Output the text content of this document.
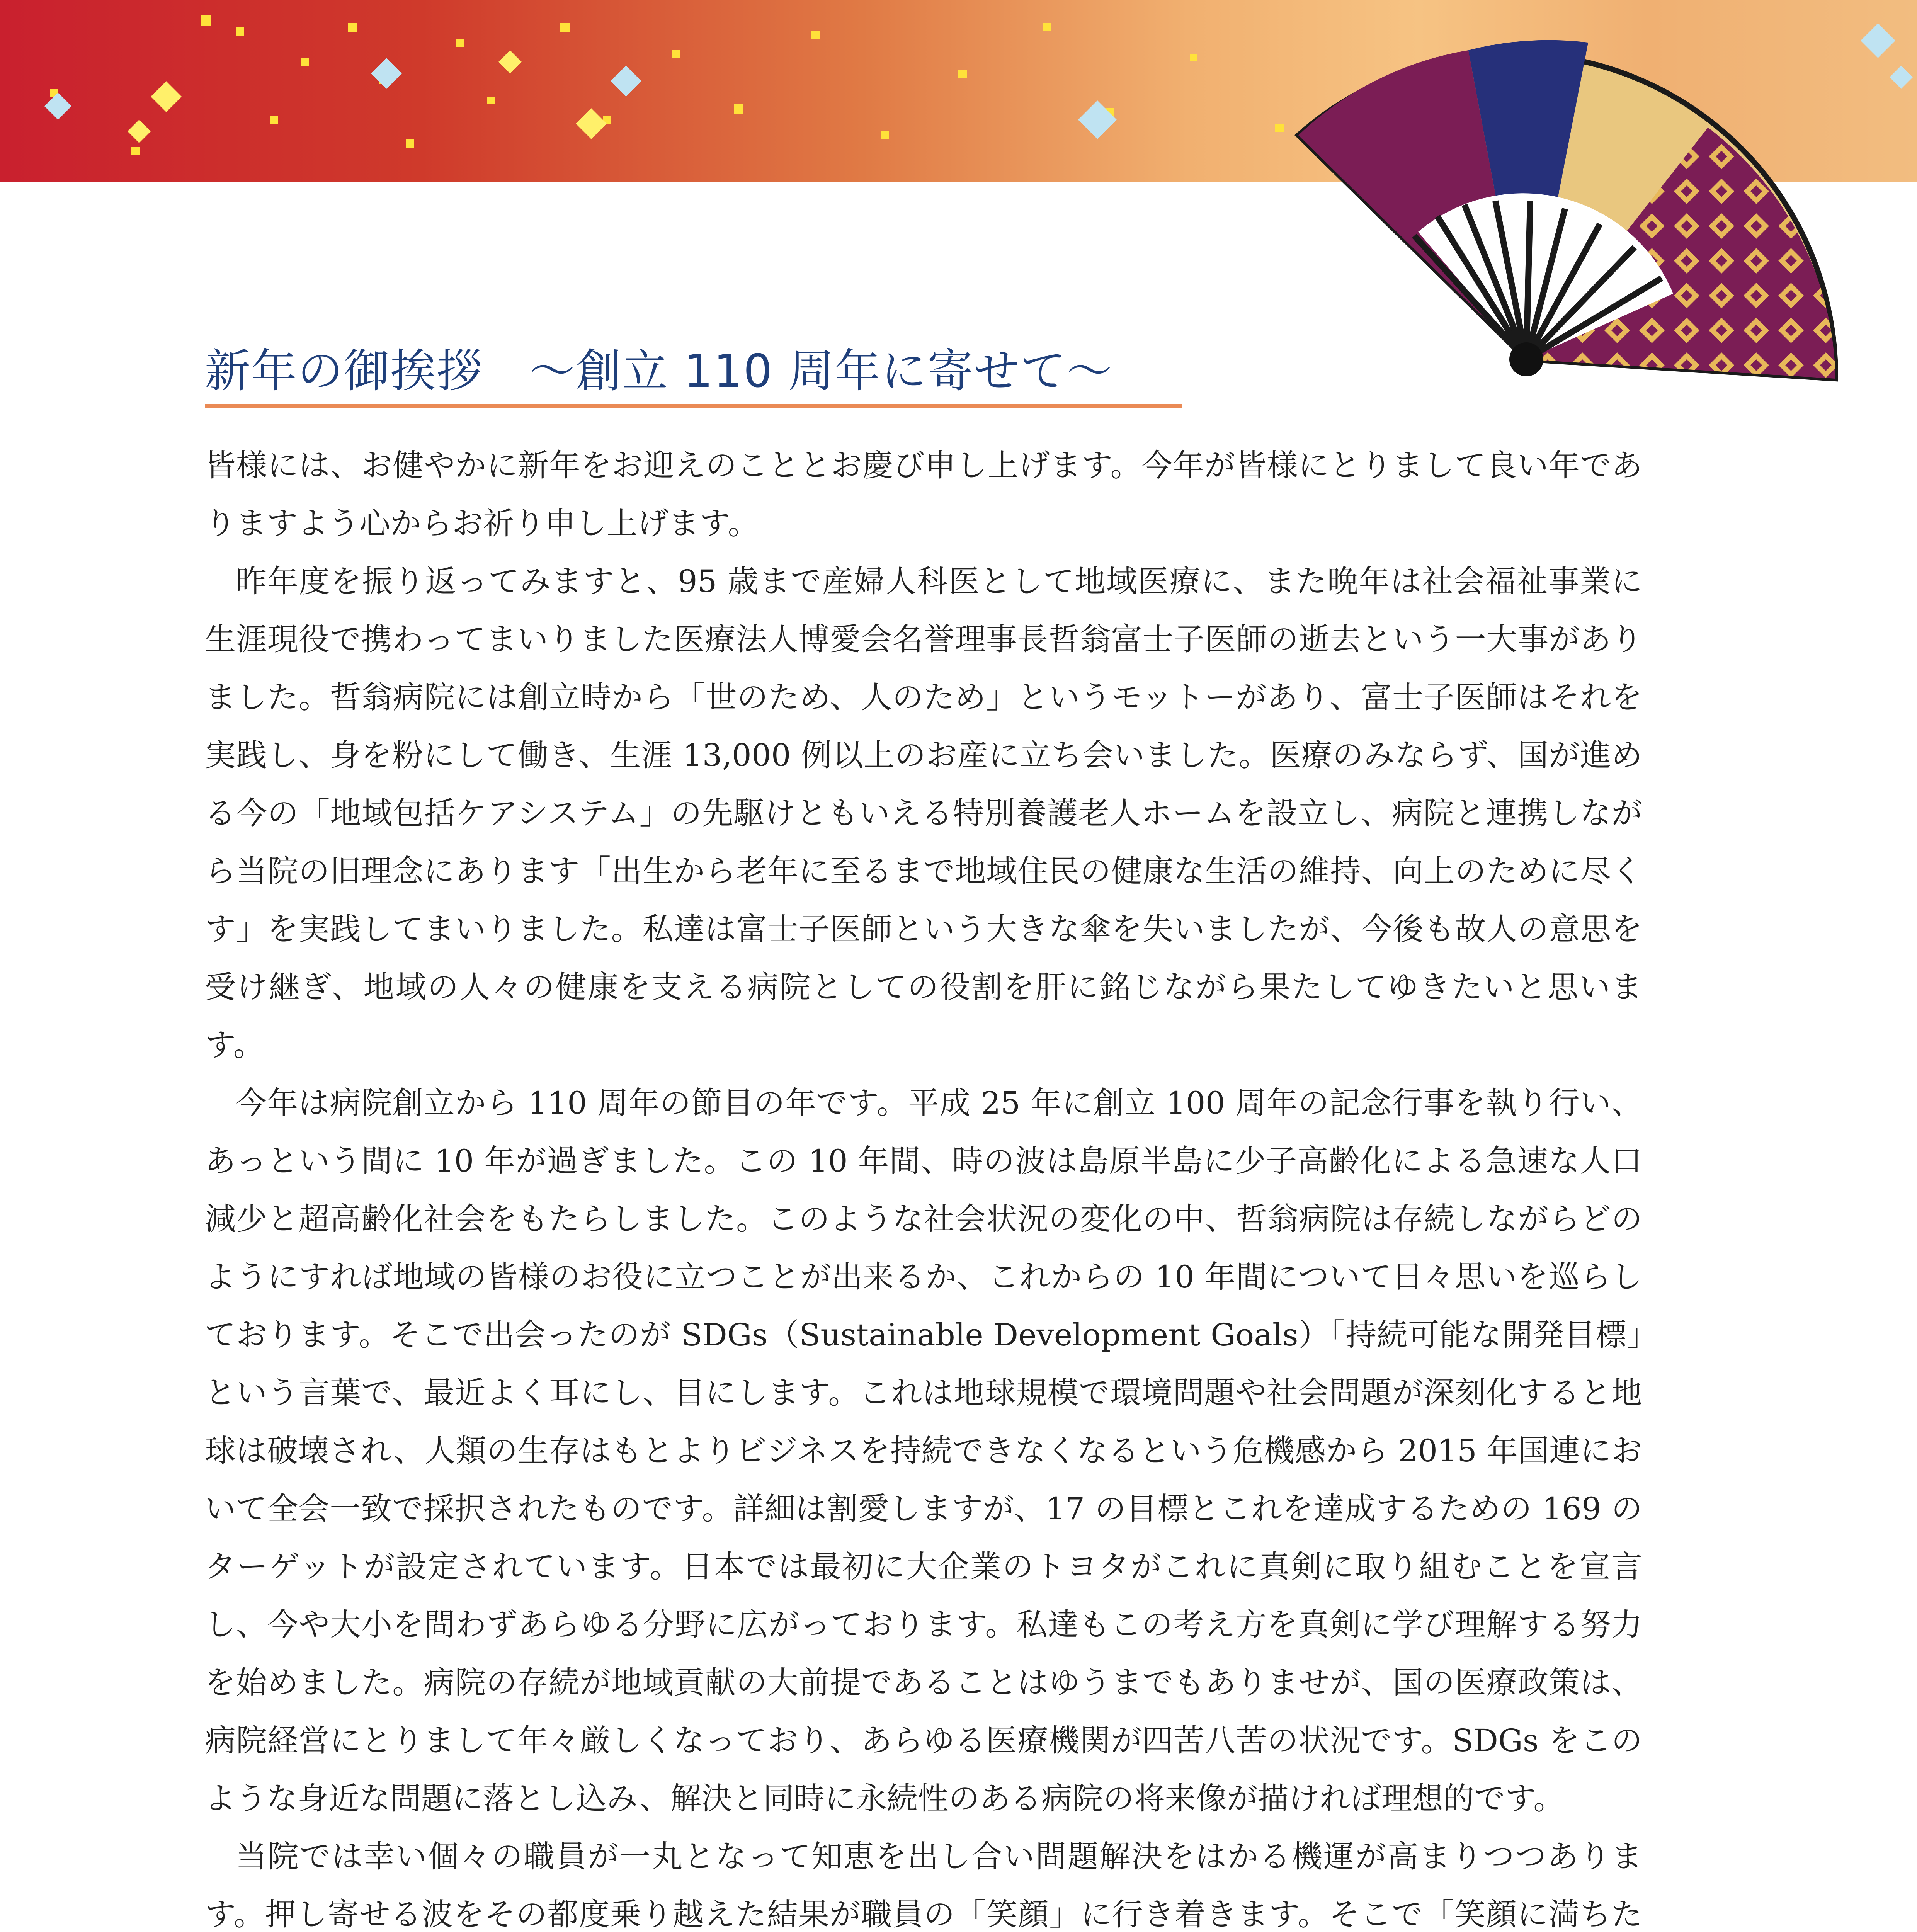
新年の御挨拶　〜創立 110 周年に寄せて〜

皆様には、お健やかに新年をお迎えのこととお慶び申し上げます。今年が皆様にとりまして良い年でありますよう心からお祈り申し上げます。

昨年度を振り返ってみますと、95 歳まで産婦人科医として地域医療に、また晩年は社会福祉事業に生涯現役で携わってまいりました医療法人博愛会名誉理事長哲翁富士子医師の逝去という一大事がありました。哲翁病院には創立時から「世のため、人のため」というモットーがあり、富士子医師はそれを実践し、身を粉にして働き、生涯 13,000 例以上のお産に立ち会いました。医療のみならず、国が進める今の「地域包括ケアシステム」の先駆けともいえる特別養護老人ホームを設立し、病院と連携しながら当院の旧理念にあります「出生から老年に至るまで地域住民の健康な生活の維持、向上のために尽くす」を実践してまいりました。私達は富士子医師という大きな傘を失いましたが、今後も故人の意思を受け継ぎ、地域の人々の健康を支える病院としての役割を肝に銘じながら果たしてゆきたいと思います。

今年は病院創立から 110 周年の節目の年です。平成 25 年に創立 100 周年の記念行事を執り行い、あっという間に 10 年が過ぎました。この 10 年間、時の波は島原半島に少子高齢化による急速な人口減少と超高齢化社会をもたらしました。このような社会状況の変化の中、哲翁病院は存続しながらどのようにすれば地域の皆様のお役に立つことが出来るか、これからの 10 年間について日々思いを巡らしております。そこで出会ったのが SDGs（Sustainable Development Goals）「持続可能な開発目標」という言葉で、最近よく耳にし、目にします。これは地球規模で環境問題や社会問題が深刻化すると地球は破壊され、人類の生存はもとよりビジネスを持続できなくなるという危機感から 2015 年国連において全会一致で採択されたものです。詳細は割愛しますが、17 の目標とこれを達成するための 169 のターゲットが設定されています。日本では最初に大企業のトヨタがこれに真剣に取り組むことを宣言し、今や大小を問わずあらゆる分野に広がっております。私達もこの考え方を真剣に学び理解する努力を始めました。病院の存続が地域貢献の大前提であることはゆうまでもありませが、国の医療政策は、病院経営にとりまして年々厳しくなっており、あらゆる医療機関が四苦八苦の状況です。SDGs をこのような身近な問題に落とし込み、解決と同時に永続性のある病院の将来像が描ければ理想的です。

当院では幸い個々の職員が一丸となって知恵を出し合い問題解決をはかる機運が高まりつつあります。押し寄せる波をその都度乗り越えた結果が職員の「笑顔」に行き着きます。そこで「笑顔に満ちた
